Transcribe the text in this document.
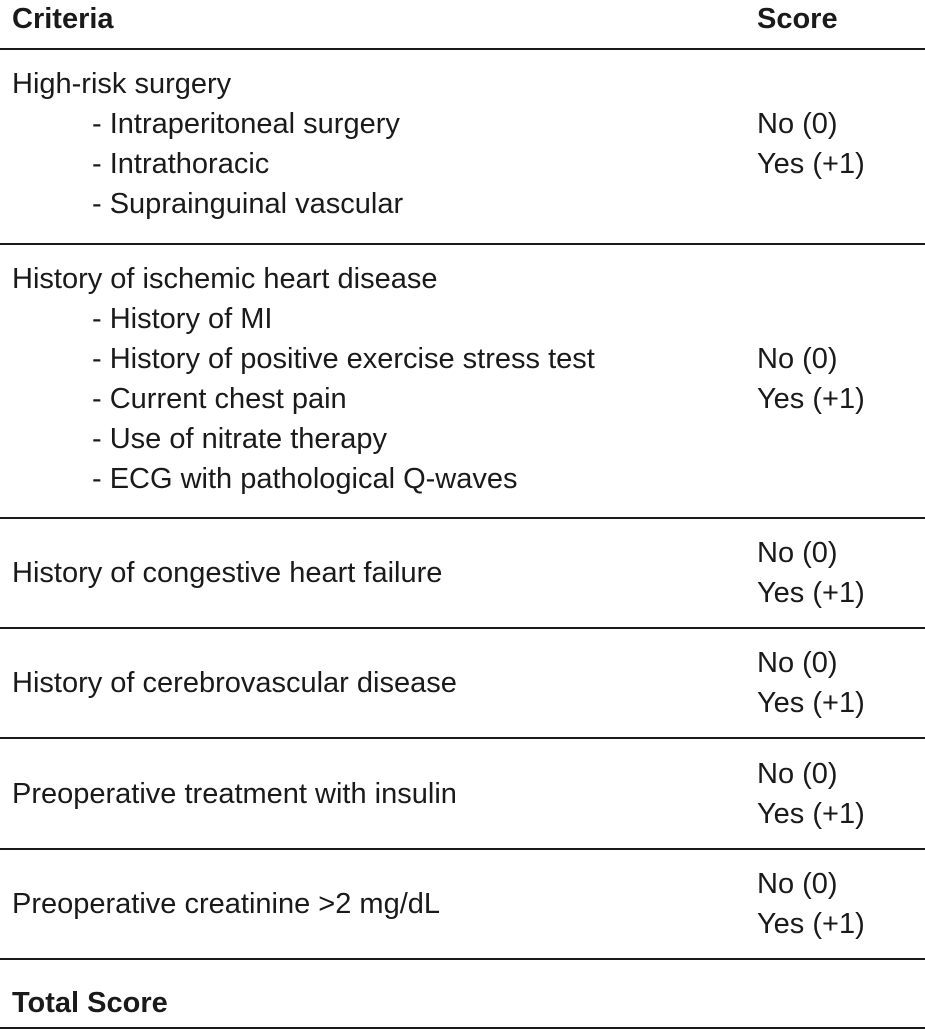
Criteria	Score
High-risk surgery
- Intraperitoneal surgery
- Intrathoracic
- Suprainguinal vascular
No (0)
Yes (+1)
History of ischemic heart disease
- History of MI
- History of positive exercise stress test
- Current chest pain
- Use of nitrate therapy
- ECG with pathological Q-waves
No (0)
Yes (+1)
History of congestive heart failure
No (0)
Yes (+1)
History of cerebrovascular disease
No (0)
Yes (+1)
Preoperative treatment with insulin
No (0)
Yes (+1)
Preoperative creatinine >2 mg/dL
No (0)
Yes (+1)
Total Score
